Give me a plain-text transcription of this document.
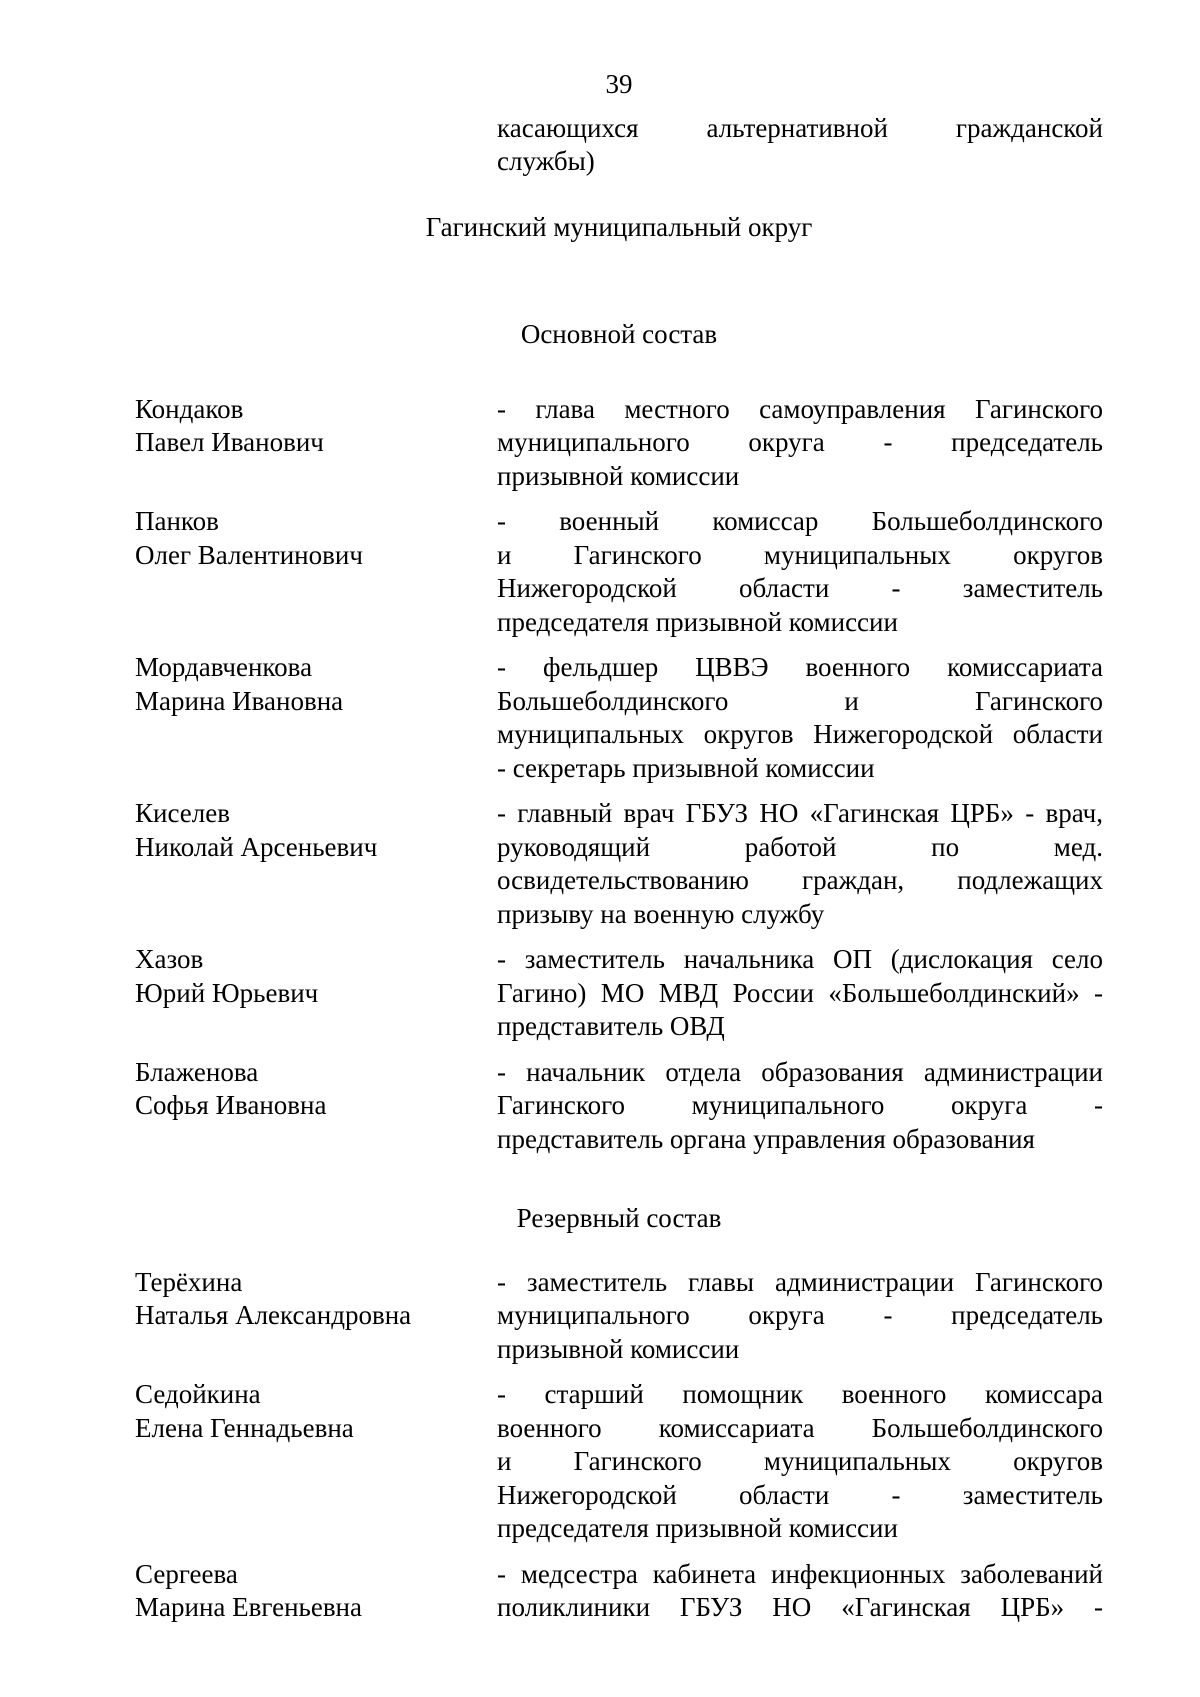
39
касающихся альтернативной гражданской
службы)
Гагинский муниципальный округ
Основной состав
Кондаков
Павел Иванович
- глава местного самоуправления Гагинского
муниципального округа - председатель
призывной комиссии
Панков
Олег Валентинович
- военный комиссар Большеболдинского
и Гагинского муниципальных округов
Нижегородской области - заместитель
председателя призывной комиссии
Мордавченкова
Марина Ивановна
- фельдшер ЦВВЭ военного комиссариата
Большеболдинского и Гагинского
муниципальных округов Нижегородской области
- секретарь призывной комиссии
Киселев
Николай Арсеньевич
- главный врач ГБУЗ НО «Гагинская ЦРБ» - врач,
руководящий работой по мед.
освидетельствованию граждан, подлежащих
призыву на военную службу
Хазов
Юрий Юрьевич
- заместитель начальника ОП (дислокация село
Гагино) МО МВД России «Большеболдинский» -
представитель ОВД
Блаженова
Софья Ивановна
- начальник отдела образования администрации
Гагинского муниципального округа -
представитель органа управления образования
Резервный состав
Терёхина
Наталья Александровна
- заместитель главы администрации Гагинского
муниципального округа - председатель
призывной комиссии
Седойкина
Елена Геннадьевна
- старший помощник военного комиссара
военного комиссариата Большеболдинского
и Гагинского муниципальных округов
Нижегородской области - заместитель
председателя призывной комиссии
Сергеева
Марина Евгеньевна
- медсестра кабинета инфекционных заболеваний
поликлиники ГБУЗ НО «Гагинская ЦРБ» -
